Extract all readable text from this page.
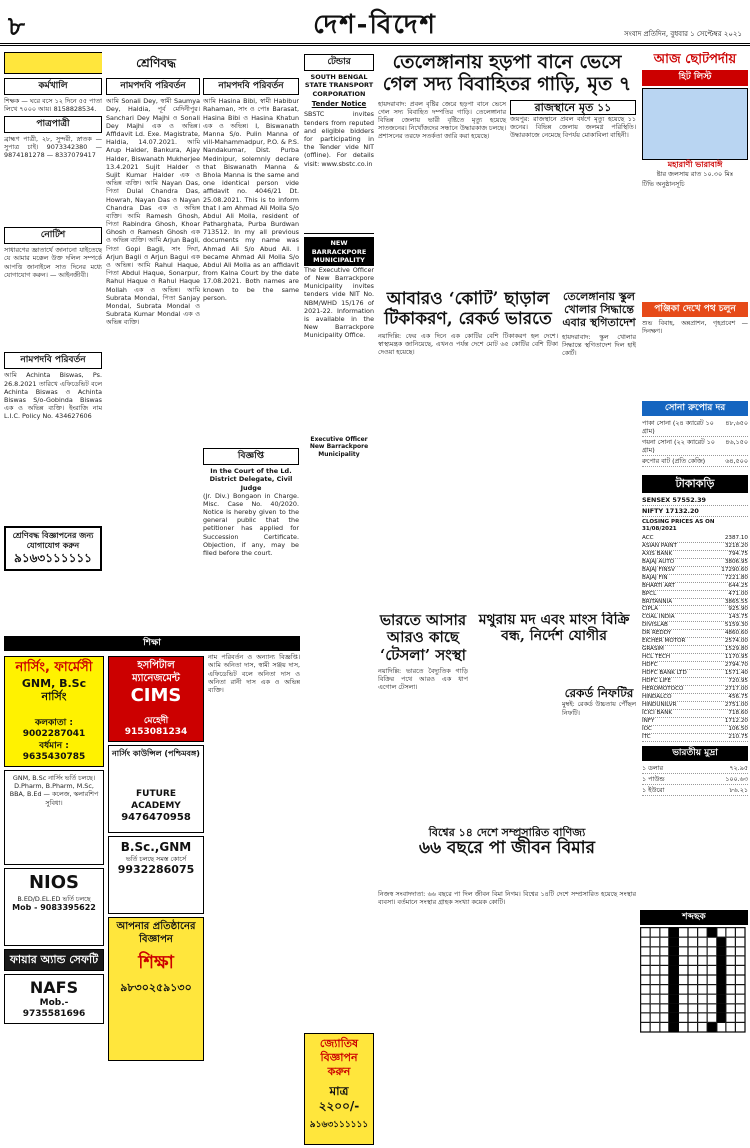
৮	দেশ-বিদেশ	সংবাদ প্রতিদিন, বুধবার ১ সেপ্টেম্বর ২০২১
কর্মখালি
শিক্ষক — ঘরে বসে ১২ দিনে ৫৫ পাতা লিখে ৭০০০ আয়। 8158828534.
পাত্রপাত্রী
ব্রাহ্মণ পাত্রী, ২৮, সুন্দরী, স্নাতক — সুপাত্র চাই। 9073342380 — 9874181278 — 8337079417
নোটিশ
সাধারণের জ্ঞাতার্থে জানানো যাইতেছে যে আমার মক্কেল উক্ত দলিল সম্পর্কে আপত্তি জানাইলে সাত দিনের মধ্যে যোগাযোগ করুন। — আইনজীবী।
নামপদবি পরিবর্তন
আমি Achinta Biswas, Ps. 26.8.2021 তারিখে এফিডেভিট বলে Achinta Biswas ও Achinta Biswas S/o-Gobinda Biswas এক ও অভিন্ন ব্যক্তি। ইংরাজি নাম L.I.C. Policy No. 434627606
শ্রেণিবদ্ধ বিজ্ঞাপনের জন্য যোগাযোগ করুন
৯১৬৩১১১১১১
শ্রেণিবদ্ধ
নামপদবি পরিবর্তন
আমি Sonali Dey, স্বামী Saumya Dey, Haldia, পূর্ব মেদিনীপুর। Sanchari Dey Majhi ও Sonali Dey Majhi এক ও অভিন্ন। Affidavit Ld. Exe. Magistrate, Haldia, 14.07.2021. আমি Arup Halder, Bankura, Ajay Halder, Biswanath Mukherjee 13.4.2021 Sujit Halder ও Sujit Kumar Halder এক ও অভিন্ন ব্যক্তি। আমি Nayan Das, পিতা Dulal Chandra Das, Howrah, Nayan Das ও Nayan Chandra Das এক ও অভিন্ন ব্যক্তি। আমি Ramesh Ghosh, পিতা Rabindra Ghosh, Khoar Ghosh ও Ramesh Ghosh এক ও অভিন্ন ব্যক্তি। আমি Arjun Bagli, পিতা Gopi Bagli, সাং দিঘা, Arjun Bagli ও Arjun Bagui এক ও অভিন্ন। আমি Rahul Haque, পিতা Abdul Haque, Sonarpur, Rahul Haque ও Rahul Haque Mollah এক ও অভিন্ন। আমি Subrata Mondal, পিতা Sanjay Mondal, Subrata Mondal ও Subrata Kumar Mondal এক ও অভিন্ন ব্যক্তি।
নামপদবি পরিবর্তন
আমি Hasina Bibi, স্বামী Habibur Rahaman, সাং ও পোঃ Barasat, Hasina Bibi ও Hasina Khatun এক ও অভিন্ন। I, Biswanath Manna S/o. Pulin Manna of vill-Mahammadpur, P.O. & P.S. Nandakumar, Dist. Purba Medinipur, solemnly declare that Biswanath Manna & Bhola Manna is the same and one identical person vide affidavit no. 4046/21 Dt. 25.08.2021. This is to inform that I am Ahmad Ali Molla S/o Abdul Ali Molla, resident of Patharghata, Purba Burdwan 713512. In my all previous documents my name was Ahmad Ali S/o Abud Ali. I became Ahmad Ali Molla S/o Abdul Ali Molla as an affidavit from Kalna Court by the date 17.08.2021. Both names are known to be the same person.
শিক্ষা
নার্সিং, ফার্মেসী
GNM, B.Sc নার্সিং
কলকাতা : 9002287041
বর্ধমান : 9635430785
GNM, B.Sc নার্সিং ভর্তি চলছে। D.Pharm, B.Pharm, M.Sc, BBA, B.Ed — কলেজ, স্কলারশিপ সুবিধা।
NIOS
B.ED/D.EL.ED ভর্তি চলছে
Mob - 9083395622
ফায়ার অ্যান্ড সেফটি
NAFS
Mob.- 9735581696
হসপিটাল ম্যানেজমেন্ট
CIMS
মেহেদী 9153081234
নার্সিং কাউন্সিল (পশ্চিমবঙ্গ)
FUTURE ACADEMY
9476470958
B.Sc.,GNM
ভর্তি চলছে সমস্ত কোর্সে
9932286075
আপনার প্রতিষ্ঠানের বিজ্ঞাপন
শিক্ষা
৯৮৩০২৫৯১৩০
নাম পরিবর্তন ও অন্যান্য বিজ্ঞপ্তি। আমি অনিতা দাস, স্বামী সঞ্জয় দাস, এফিডেভিট বলে অনিতা দাস ও অনিতা রানী দাস এক ও অভিন্ন ব্যক্তি।
টেন্ডার
SOUTH BENGAL STATE TRANSPORT CORPORATION
Tender Notice
SBSTC invites tenders from reputed and eligible bidders for participating in the Tender vide NIT (offline). For details visit: www.sbstc.co.in
NEW BARRACKPORE MUNICIPALITY
The Executive Officer of New Barrackpore Municipality invites tenders vide NIT No. NBM/WHD 15/176 of 2021-22. Information is available in the New Barrackpore Municipality Office.
Executive Officer New Barrackpore Municipality
বিজ্ঞপ্তি
In the Court of the Ld. District Delegate, Civil Judge
(Jr. Div.) Bongaon in Charge. Misc. Case No. 40/2020. Notice is hereby given to the general public that the petitioner has applied for Succession Certificate. Objection, if any, may be filed before the court.
তেলেঙ্গানায় হড়পা বানে ভেসে গেল সদ্য বিবাহিতর গাড়ি, মৃত ৭
হায়দরাবাদ: প্রবল বৃষ্টির জেরে হড়পা বানে ভেসে গেল সদ্য বিবাহিত দম্পতির গাড়ি। তেলেঙ্গানার বিভিন্ন জেলায় ভারী বৃষ্টিতে মৃত্যু হয়েছে সাতজনের। নিখোঁজদের সন্ধানে উদ্ধারকাজ চলছে। প্রশাসনের তরফে সতর্কতা জারি করা হয়েছে।
রাজস্থানে মৃত ১১
জয়পুর: রাজস্থানে প্রবল বর্ষণে মৃত্যু হয়েছে ১১ জনের। বিভিন্ন জেলায় জলমগ্ন পরিস্থিতি। উদ্ধারকাজে নেমেছে বিপর্যয় মোকাবিলা বাহিনী।
আবারও ‘কোটি’ ছাড়াল টিকাকরণ, রেকর্ড ভারতে
নয়াদিল্লি: ফের এক দিনে এক কোটির বেশি টিকাকরণ হল দেশে। স্বাস্থ্যমন্ত্রক জানিয়েছে, এখনও পর্যন্ত দেশে মোট ৬৫ কোটির বেশি টিকা দেওয়া হয়েছে।
তেলেঙ্গানায় স্কুল খোলার সিদ্ধান্তে এবার স্থগিতাদেশ
হায়দরাবাদ: স্কুল খোলার সিদ্ধান্তে স্থগিতাদেশ দিল হাই কোর্ট।
ভারতে আসার আরও কাছে ‘টেসলা’ সংস্থা
নয়াদিল্লি: ভারতে বৈদ্যুতিক গাড়ি বিক্রির পথে আরও এক ধাপ এগোল টেসলা।
মথুরায় মদ এবং মাংস বিক্রি বন্ধ, নির্দেশ যোগীর
রেকর্ড নিফটির
মুম্বই: রেকর্ড উচ্চতায় পৌঁছল নিফটি।
বিশ্বের ১৪ দেশে সম্প্রসারিত বাণিজ্য
৬৬ বছরে পা জীবন বিমার
নিজস্ব সংবাদদাতা: ৬৬ বছরে পা দিল জীবন বিমা নিগম। বিশ্বের ১৪টি দেশে সম্প্রসারিত হয়েছে সংস্থার ব্যবসা। বর্তমানে সংস্থার গ্রাহক সংখ্যা কয়েক কোটি।
জ্যোতিষ বিজ্ঞাপন করুন
মাত্র ২২০০/-
৯১৬৩১১১১১১
আজ ছোটপর্দায়
হিট লিস্ট
মহারাণী ভারাবাঈ
ষ্টার জলসায় রাত ১০.৩০ মিঃ
টিভি অনুষ্ঠানসূচি
পঞ্জিকা দেখে পথ চলুন
শুভ বিবাহ, অন্নপ্রাশন, গৃহপ্রবেশ — দিনক্ষণ।
সোনা রুপোর দর
পাকা সোনা (২৪ ক্যারেট ১০ গ্রাম)
৪৮,৬৫০
গয়না সোনা (২২ ক্যারেট ১০ গ্রাম)
৪৬,১৫০
রুপোর বাট (প্রতি কেজি)	৬৪,৫০০
টাকাকড়ি
SENSEX 57552.39
NIFTY 17132.20
CLOSING PRICES AS ON 31/08/2021
ACC	2387.10
ASIAN PAINT	3218.20
AXIS BANK	794.75
BAJAJ AUTO	3806.95
BAJAJ FINSV	17290.60
BAJAJ FIN	7221.80
BHARTI ART	644.25
BPCL	471.00
BRITANNIA	3865.55
CIPLA	925.90
COAL INDIA	143.75
DIVISLAB	5159.30
DR REDDY	4860.60
EICHER MOTOR	2574.00
GRASIM	1529.80
HCL TECH	1170.95
HDFC	2794.70
HDFC BANK LTD	1571.40
HDFC LIFE	720.95
HEROMOTOCO	2717.00
HINDALCO	456.75
HINDUNILVR	2751.00
ICICI BANK	718.60
INFY	1712.20
IOC	106.50
ITC	210.75
ভারতীয় মুদ্রা
১ ডলার	৭২.৯৫
১ পাউন্ড	১০০.৬৩
১ ইউরো	৮৬.২১
শব্দছক
